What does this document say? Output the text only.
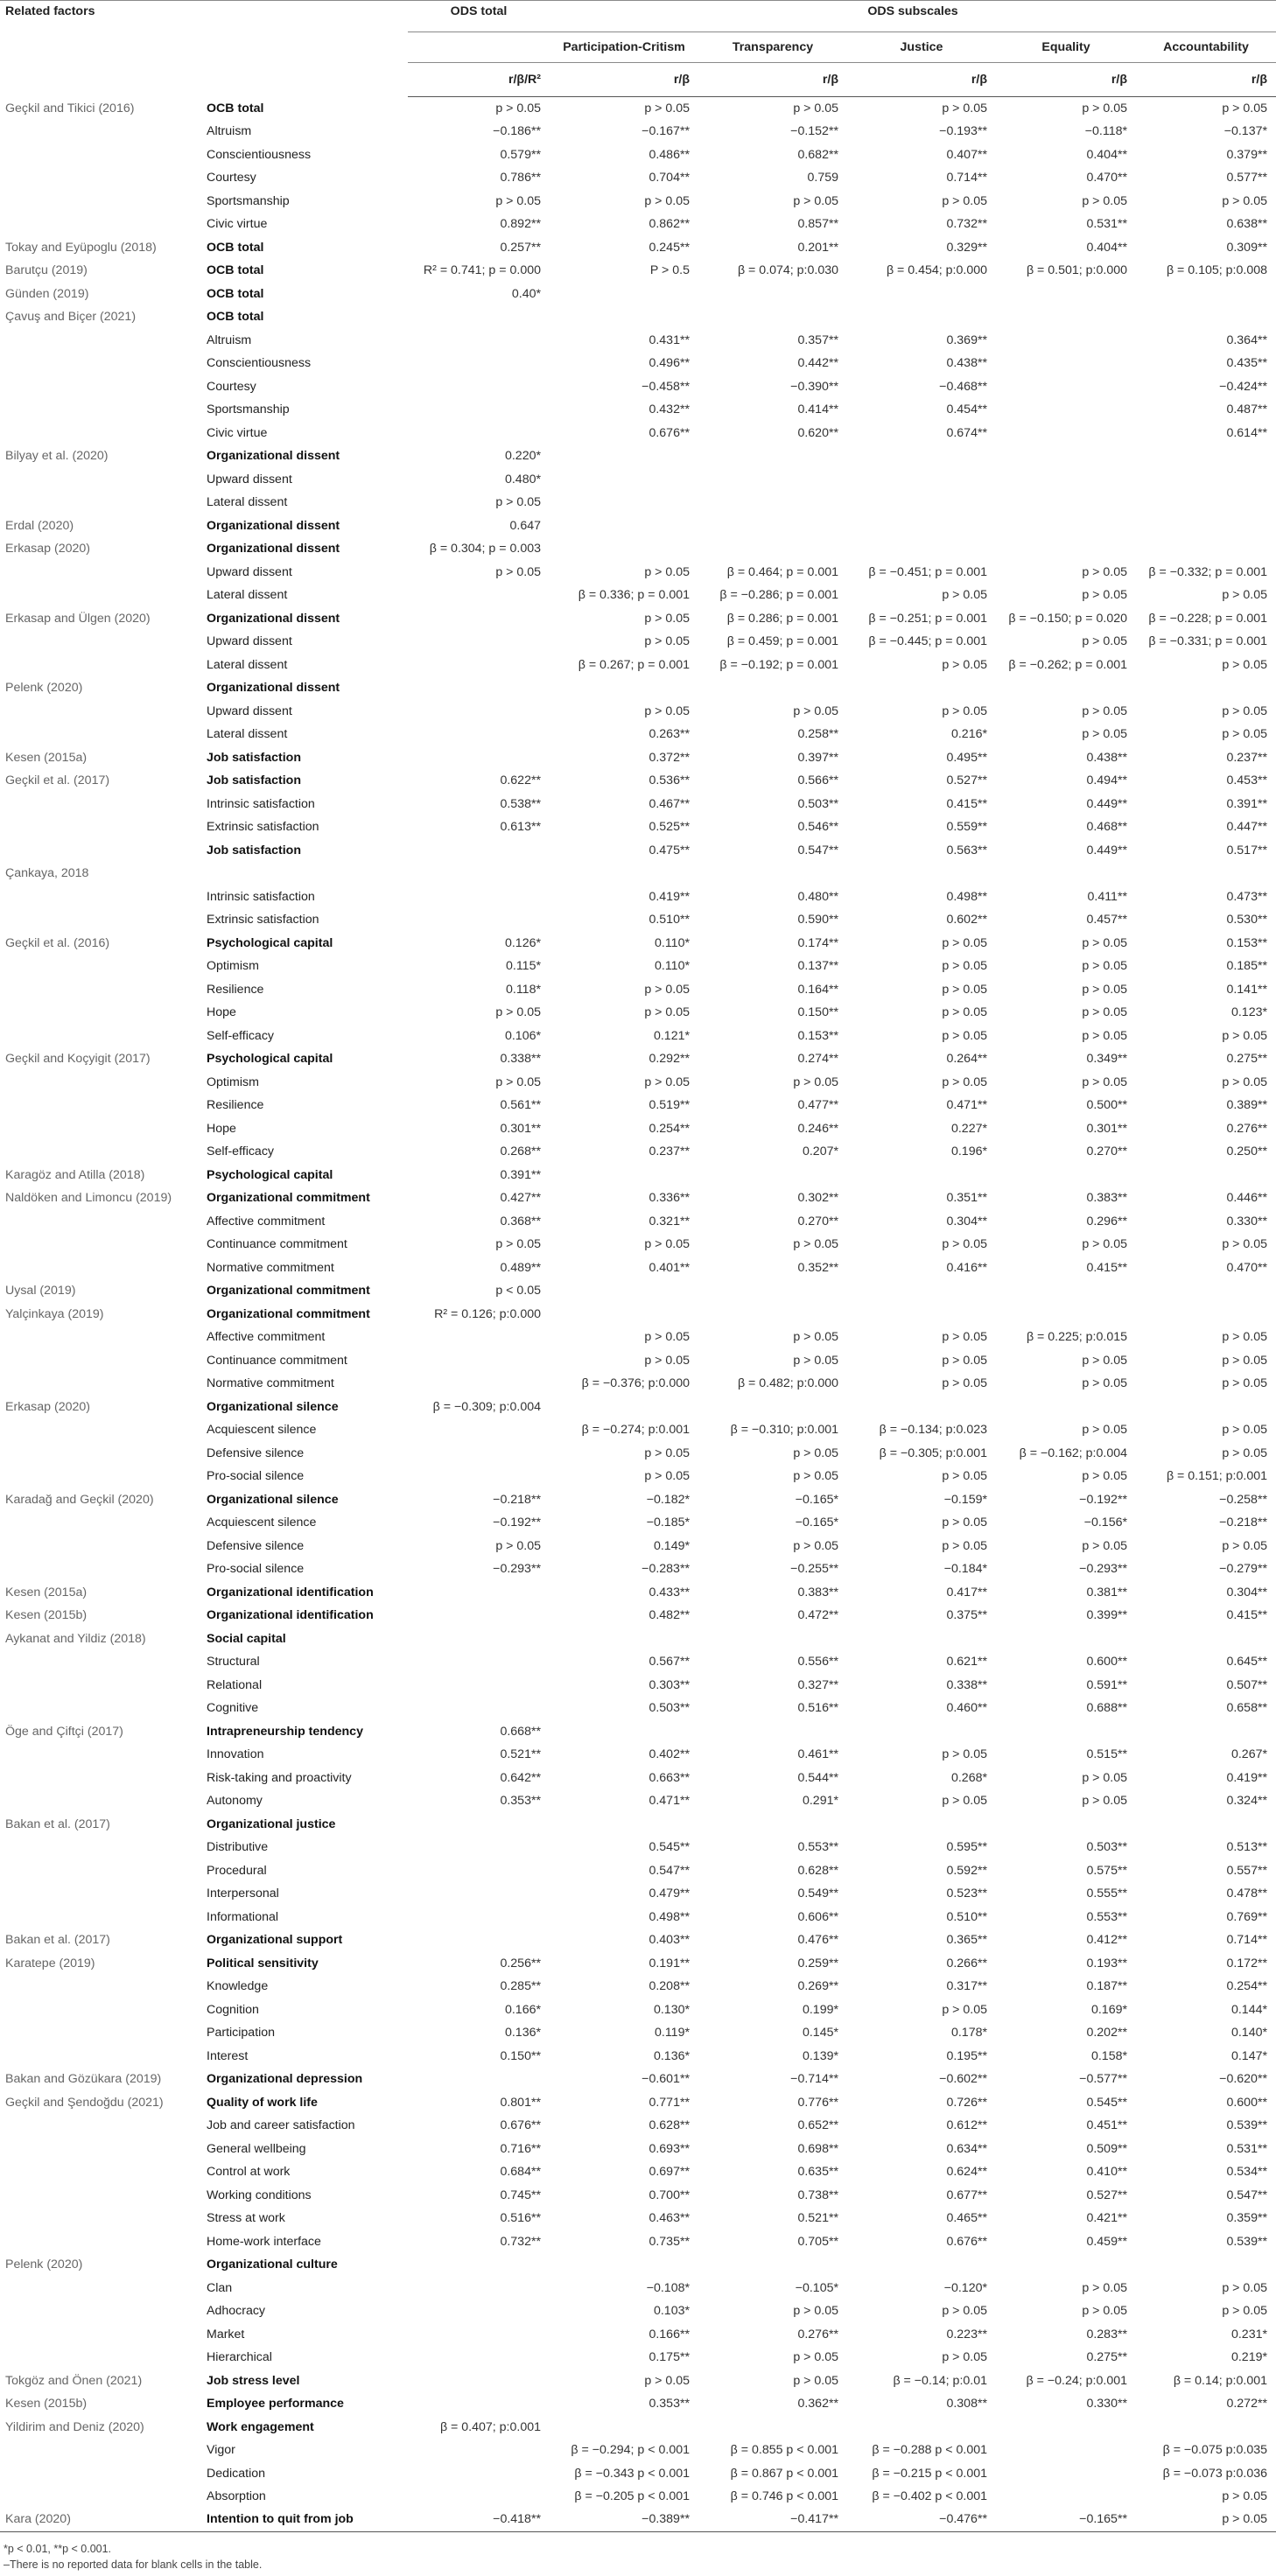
Related factors		ODS total	ODS subscales				
			Participation-Critism	Transparency	Justice	Equality	Accountability
		r/β/R²	r/β	r/β	r/β	r/β	r/β
Geçkil and Tikici (2016)	OCB total	p > 0.05	p > 0.05	p > 0.05	p > 0.05	p > 0.05	p > 0.05
	Altruism	−0.186**	−0.167**	−0.152**	−0.193**	−0.118*	−0.137*
	Conscientiousness	0.579**	0.486**	0.682**	0.407**	0.404**	0.379**
	Courtesy	0.786**	0.704**	0.759	0.714**	0.470**	0.577**
	Sportsmanship	p > 0.05	p > 0.05	p > 0.05	p > 0.05	p > 0.05	p > 0.05
	Civic virtue	0.892**	0.862**	0.857**	0.732**	0.531**	0.638**
Tokay and Eyüpoglu (2018)	OCB total	0.257**	0.245**	0.201**	0.329**	0.404**	0.309**
Barutçu (2019)	OCB total	R² = 0.741; p = 0.000	P > 0.5	β = 0.074; p:0.030	β = 0.454; p:0.000	β = 0.501; p:0.000	β = 0.105; p:0.008
Günden (2019)	OCB total	0.40*					
Çavuş and Biçer (2021)	OCB total						
	Altruism		0.431**	0.357**	0.369**		0.364**
	Conscientiousness		0.496**	0.442**	0.438**		0.435**
	Courtesy		−0.458**	−0.390**	−0.468**		−0.424**
	Sportsmanship		0.432**	0.414**	0.454**		0.487**
	Civic virtue		0.676**	0.620**	0.674**		0.614**
Bilyay et al. (2020)	Organizational dissent	0.220*					
	Upward dissent	0.480*					
	Lateral dissent	p > 0.05					
Erdal (2020)	Organizational dissent	0.647					
Erkasap (2020)	Organizational dissent	β = 0.304; p = 0.003					
	Upward dissent	p > 0.05	p > 0.05	β = 0.464; p = 0.001	β = −0.451; p = 0.001	p > 0.05	β = −0.332; p = 0.001
	Lateral dissent		β = 0.336; p = 0.001	β = −0.286; p = 0.001	p > 0.05	p > 0.05	p > 0.05
Erkasap and Ülgen (2020)	Organizational dissent		p > 0.05	β = 0.286; p = 0.001	β = −0.251; p = 0.001	β = −0.150; p = 0.020	β = −0.228; p = 0.001
	Upward dissent		p > 0.05	β = 0.459; p = 0.001	β = −0.445; p = 0.001	p > 0.05	β = −0.331; p = 0.001
	Lateral dissent		β = 0.267; p = 0.001	β = −0.192; p = 0.001	p > 0.05	β = −0.262; p = 0.001	p > 0.05
Pelenk (2020)	Organizational dissent						
	Upward dissent		p > 0.05	p > 0.05	p > 0.05	p > 0.05	p > 0.05
	Lateral dissent		0.263**	0.258**	0.216*	p > 0.05	p > 0.05
Kesen (2015a)	Job satisfaction		0.372**	0.397**	0.495**	0.438**	0.237**
Geçkil et al. (2017)	Job satisfaction	0.622**	0.536**	0.566**	0.527**	0.494**	0.453**
	Intrinsic satisfaction	0.538**	0.467**	0.503**	0.415**	0.449**	0.391**
	Extrinsic satisfaction	0.613**	0.525**	0.546**	0.559**	0.468**	0.447**
	Job satisfaction		0.475**	0.547**	0.563**	0.449**	0.517**
Çankaya, 2018							
	Intrinsic satisfaction		0.419**	0.480**	0.498**	0.411**	0.473**
	Extrinsic satisfaction		0.510**	0.590**	0.602**	0.457**	0.530**
Geçkil et al. (2016)	Psychological capital	0.126*	0.110*	0.174**	p > 0.05	p > 0.05	0.153**
	Optimism	0.115*	0.110*	0.137**	p > 0.05	p > 0.05	0.185**
	Resilience	0.118*	p > 0.05	0.164**	p > 0.05	p > 0.05	0.141**
	Hope	p > 0.05	p > 0.05	0.150**	p > 0.05	p > 0.05	0.123*
	Self-efficacy	0.106*	0.121*	0.153**	p > 0.05	p > 0.05	p > 0.05
Geçkil and Koçyigit (2017)	Psychological capital	0.338**	0.292**	0.274**	0.264**	0.349**	0.275**
	Optimism	p > 0.05	p > 0.05	p > 0.05	p > 0.05	p > 0.05	p > 0.05
	Resilience	0.561**	0.519**	0.477**	0.471**	0.500**	0.389**
	Hope	0.301**	0.254**	0.246**	0.227*	0.301**	0.276**
	Self-efficacy	0.268**	0.237**	0.207*	0.196*	0.270**	0.250**
Karagöz and Atilla (2018)	Psychological capital	0.391**					
Naldöken and Limoncu (2019)	Organizational commitment	0.427**	0.336**	0.302**	0.351**	0.383**	0.446**
	Affective commitment	0.368**	0.321**	0.270**	0.304**	0.296**	0.330**
	Continuance commitment	p > 0.05	p > 0.05	p > 0.05	p > 0.05	p > 0.05	p > 0.05
	Normative commitment	0.489**	0.401**	0.352**	0.416**	0.415**	0.470**
Uysal (2019)	Organizational commitment	p < 0.05					
Yalçinkaya (2019)	Organizational commitment	R² = 0.126; p:0.000					
	Affective commitment		p > 0.05	p > 0.05	p > 0.05	β = 0.225; p:0.015	p > 0.05
	Continuance commitment		p > 0.05	p > 0.05	p > 0.05	p > 0.05	p > 0.05
	Normative commitment		β = −0.376; p:0.000	β = 0.482; p:0.000	p > 0.05	p > 0.05	p > 0.05
Erkasap (2020)	Organizational silence	β = −0.309; p:0.004					
	Acquiescent silence		β = −0.274; p:0.001	β = −0.310; p:0.001	β = −0.134; p:0.023	p > 0.05	p > 0.05
	Defensive silence		p > 0.05	p > 0.05	β = −0.305; p:0.001	β = −0.162; p:0.004	p > 0.05
	Pro-social silence		p > 0.05	p > 0.05	p > 0.05	p > 0.05	β = 0.151; p:0.001
Karadağ and Geçkil (2020)	Organizational silence	−0.218**	−0.182*	−0.165*	−0.159*	−0.192**	−0.258**
	Acquiescent silence	−0.192**	−0.185*	−0.165*	p > 0.05	−0.156*	−0.218**
	Defensive silence	p > 0.05	0.149*	p > 0.05	p > 0.05	p > 0.05	p > 0.05
	Pro-social silence	−0.293**	−0.283**	−0.255**	−0.184*	−0.293**	−0.279**
Kesen (2015a)	Organizational identification		0.433**	0.383**	0.417**	0.381**	0.304**
Kesen (2015b)	Organizational identification		0.482**	0.472**	0.375**	0.399**	0.415**
Aykanat and Yildiz (2018)	Social capital						
	Structural		0.567**	0.556**	0.621**	0.600**	0.645**
	Relational		0.303**	0.327**	0.338**	0.591**	0.507**
	Cognitive		0.503**	0.516**	0.460**	0.688**	0.658**
Öge and Çiftçi (2017)	Intrapreneurship tendency	0.668**					
	Innovation	0.521**	0.402**	0.461**	p > 0.05	0.515**	0.267*
	Risk-taking and proactivity	0.642**	0.663**	0.544**	0.268*	p > 0.05	0.419**
	Autonomy	0.353**	0.471**	0.291*	p > 0.05	p > 0.05	0.324**
Bakan et al. (2017)	Organizational justice						
	Distributive		0.545**	0.553**	0.595**	0.503**	0.513**
	Procedural		0.547**	0.628**	0.592**	0.575**	0.557**
	Interpersonal		0.479**	0.549**	0.523**	0.555**	0.478**
	Informational		0.498**	0.606**	0.510**	0.553**	0.769**
Bakan et al. (2017)	Organizational support		0.403**	0.476**	0.365**	0.412**	0.714**
Karatepe (2019)	Political sensitivity	0.256**	0.191**	0.259**	0.266**	0.193**	0.172**
	Knowledge	0.285**	0.208**	0.269**	0.317**	0.187**	0.254**
	Cognition	0.166*	0.130*	0.199*	p > 0.05	0.169*	0.144*
	Participation	0.136*	0.119*	0.145*	0.178*	0.202**	0.140*
	Interest	0.150**	0.136*	0.139*	0.195**	0.158*	0.147*
Bakan and Gözükara (2019)	Organizational depression		−0.601**	−0.714**	−0.602**	−0.577**	−0.620**
Geçkil and Şendoğdu (2021)	Quality of work life	0.801**	0.771**	0.776**	0.726**	0.545**	0.600**
	Job and career satisfaction	0.676**	0.628**	0.652**	0.612**	0.451**	0.539**
	General wellbeing	0.716**	0.693**	0.698**	0.634**	0.509**	0.531**
	Control at work	0.684**	0.697**	0.635**	0.624**	0.410**	0.534**
	Working conditions	0.745**	0.700**	0.738**	0.677**	0.527**	0.547**
	Stress at work	0.516**	0.463**	0.521**	0.465**	0.421**	0.359**
	Home-work interface	0.732**	0.735**	0.705**	0.676**	0.459**	0.539**
Pelenk (2020)	Organizational culture						
	Clan		−0.108*	−0.105*	−0.120*	p > 0.05	p > 0.05
	Adhocracy		0.103*	p > 0.05	p > 0.05	p > 0.05	p > 0.05
	Market		0.166**	0.276**	0.223**	0.283**	0.231*
	Hierarchical		0.175**	p > 0.05	p > 0.05	0.275**	0.219*
Tokgöz and Önen (2021)	Job stress level		p > 0.05	p > 0.05	β = −0.14; p:0.01	β = −0.24; p:0.001	β = 0.14; p:0.001
Kesen (2015b)	Employee performance		0.353**	0.362**	0.308**	0.330**	0.272**
Yildirim and Deniz (2020)	Work engagement	β = 0.407; p:0.001					
	Vigor		β = −0.294; p < 0.001	β = 0.855 p < 0.001	β = −0.288 p < 0.001		β = −0.075 p:0.035
	Dedication		β = −0.343 p < 0.001	β = 0.867 p < 0.001	β = −0.215 p < 0.001		β = −0.073 p:0.036
	Absorption		β = −0.205 p < 0.001	β = 0.746 p < 0.001	β = −0.402 p < 0.001		p > 0.05
Kara (2020)	Intention to quit from job	−0.418**	−0.389**	−0.417**	−0.476**	−0.165**	p > 0.05
*p < 0.01, **p < 0.001.
–There is no reported data for blank cells in the table.
